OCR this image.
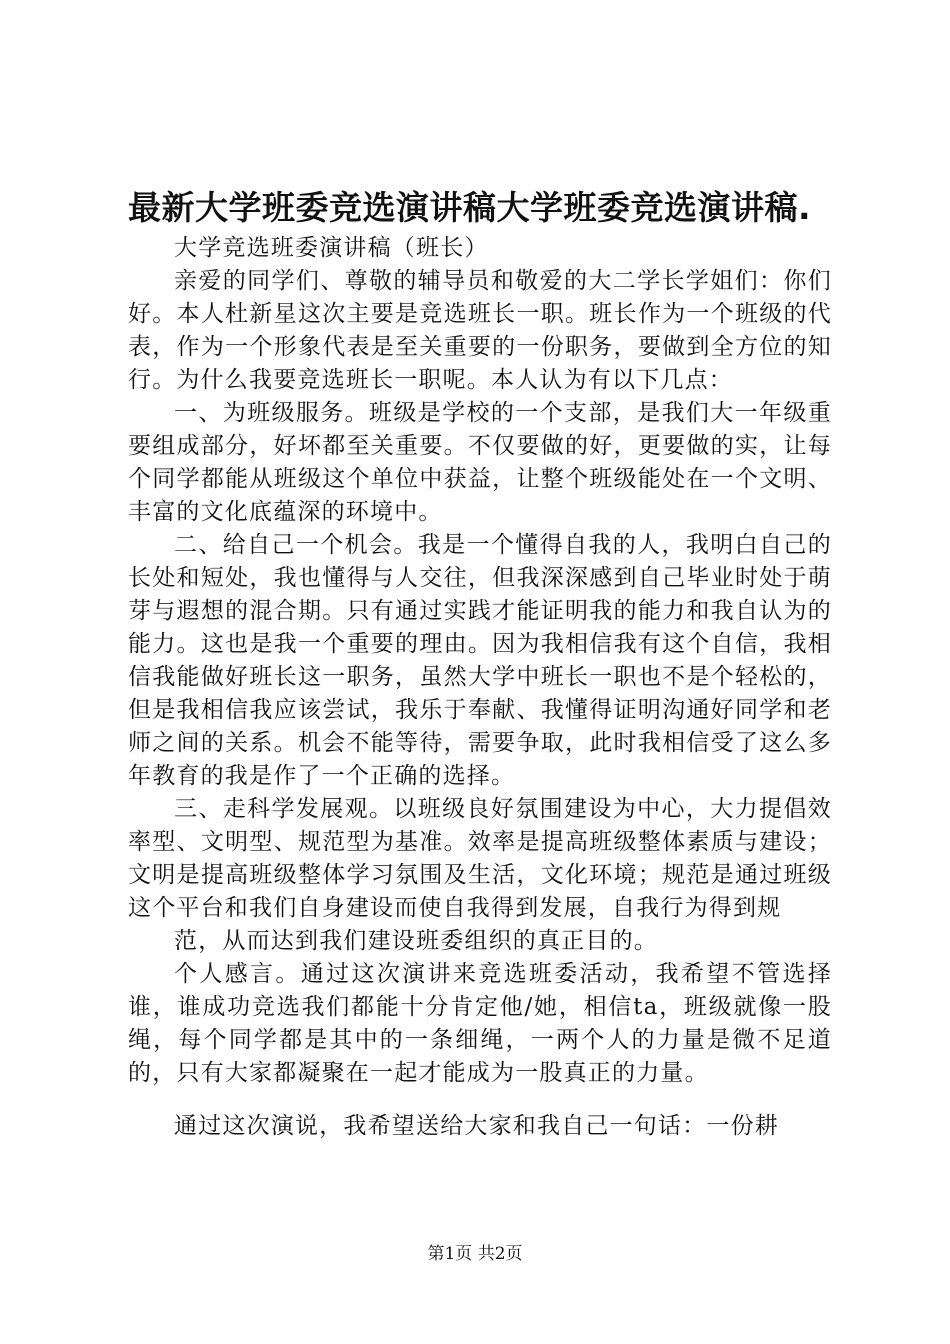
最新大学班委竞选演讲稿大学班委竞选演讲稿.

大学竞选班委演讲稿（班长）

亲爱的同学们、尊敬的辅导员和敬爱的大二学长学姐们：你们好。本人杜新星这次主要是竞选班长一职。班长作为一个班级的代表，作为一个形象代表是至关重要的一份职务，要做到全方位的知行。为什么我要竞选班长一职呢。本人认为有以下几点：

一、为班级服务。班级是学校的一个支部，是我们大一年级重要组成部分，好坏都至关重要。不仅要做的好，更要做的实，让每个同学都能从班级这个单位中获益，让整个班级能处在一个文明、丰富的文化底蕴深的环境中。

二、给自己一个机会。我是一个懂得自我的人，我明白自己的长处和短处，我也懂得与人交往，但我深深感到自己毕业时处于萌芽与遐想的混合期。只有通过实践才能证明我的能力和我自认为的能力。这也是我一个重要的理由。因为我相信我有这个自信，我相信我能做好班长这一职务，虽然大学中班长一职也不是个轻松的，但是我相信我应该尝试，我乐于奉献、我懂得证明沟通好同学和老师之间的关系。机会不能等待，需要争取，此时我相信受了这么多年教育的我是作了一个正确的选择。

三、走科学发展观。以班级良好氛围建设为中心，大力提倡效率型、文明型、规范型为基准。效率是提高班级整体素质与建设；文明是提高班级整体学习氛围及生活，文化环境；规范是通过班级这个平台和我们自身建设而使自我得到发展，自我行为得到规

范，从而达到我们建设班委组织的真正目的。

个人感言。通过这次演讲来竞选班委活动，我希望不管选择谁，谁成功竞选我们都能十分肯定他/她，相信ta，班级就像一股绳，每个同学都是其中的一条细绳，一两个人的力量是微不足道的，只有大家都凝聚在一起才能成为一股真正的力量。

通过这次演说，我希望送给大家和我自己一句话：一份耕

第1页 共2页
